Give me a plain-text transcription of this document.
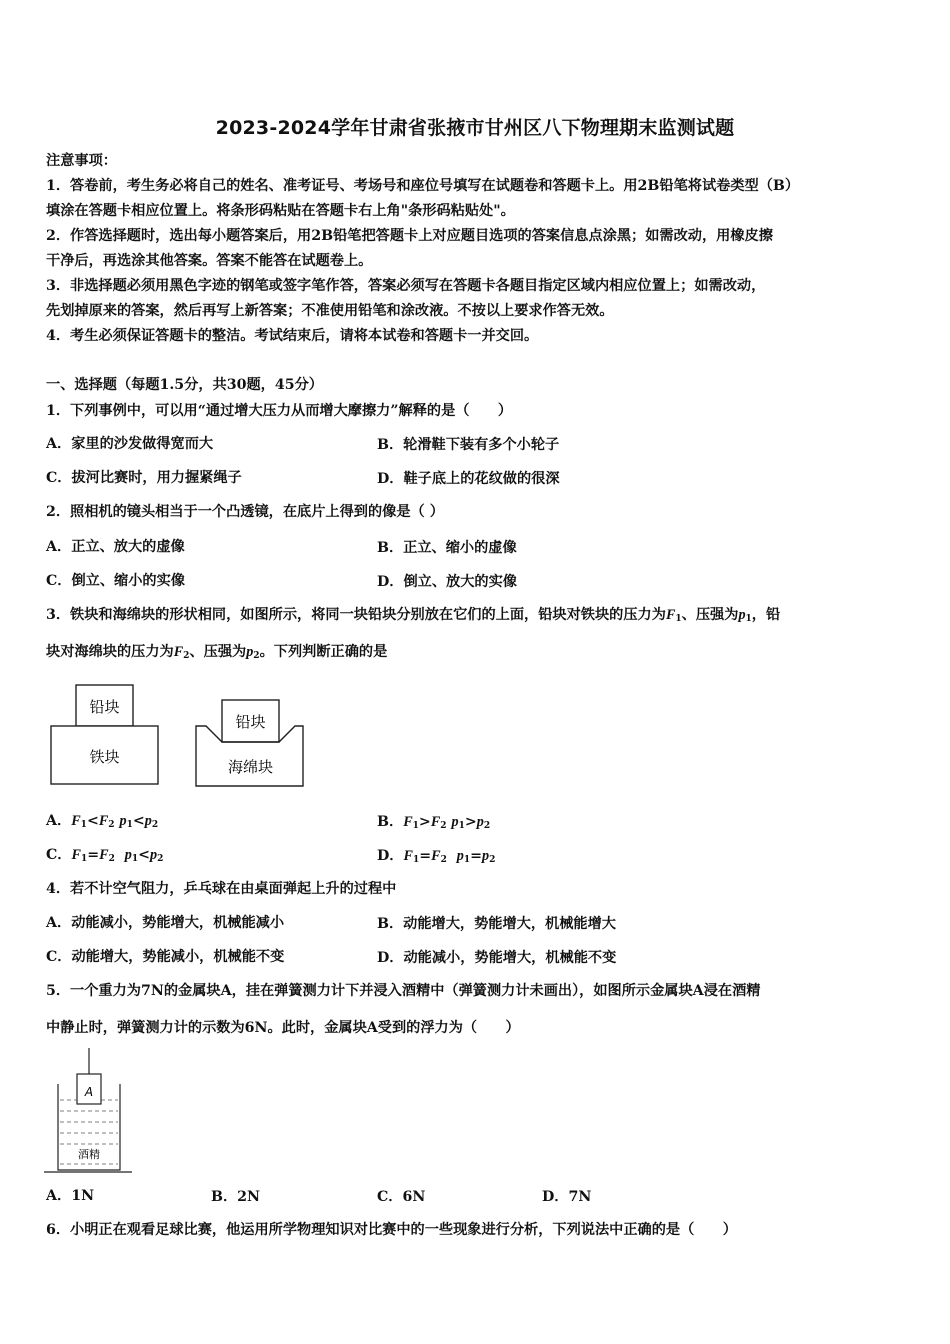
2023-2024学年甘肃省张掖市甘州区八下物理期末监测试题
注意事项：
1．答卷前，考生务必将自己的姓名、准考证号、考场号和座位号填写在试题卷和答题卡上。用2B铅笔将试卷类型（B）
填涂在答题卡相应位置上。将条形码粘贴在答题卡右上角"条形码粘贴处"。
2．作答选择题时，选出每小题答案后，用2B铅笔把答题卡上对应题目选项的答案信息点涂黑；如需改动，用橡皮擦
干净后，再选涂其他答案。答案不能答在试题卷上。
3．非选择题必须用黑色字迹的钢笔或签字笔作答，答案必须写在答题卡各题目指定区域内相应位置上；如需改动，
先划掉原来的答案，然后再写上新答案；不准使用铅笔和涂改液。不按以上要求作答无效。
4．考生必须保证答题卡的整洁。考试结束后，请将本试卷和答题卡一并交回。
一、选择题（每题1.5分，共30题，45分）
1．下列事例中，可以用“通过增大压力从而增大摩擦力”解释的是（　　）
A．家里的沙发做得宽而大	B．轮滑鞋下装有多个小轮子
C．拔河比赛时，用力握紧绳子	D．鞋子底上的花纹做的很深
2．照相机的镜头相当于一个凸透镜，在底片上得到的像是（ ）
A．正立、放大的虚像	B．正立、缩小的虚像
C．倒立、缩小的实像	D．倒立、放大的实像
3．铁块和海绵块的形状相同，如图所示，将同一块铅块分别放在它们的上面，铅块对铁块的压力为$F_1$、压强为$p_1$，铅
块对海绵块的压力为$F_2$、压强为$p_2$。下列判断正确的是
铅块
铁块
铅块
海绵块
A．$F_1<F_2$ $p_1<p_2$	B．$F_1>F_2$ $p_1>p_2$
C．$F_1=F_2$ $p_1<p_2$	D．$F_1=F_2$ $p_1=p_2$
4．若不计空气阻力，乒乓球在由桌面弹起上升的过程中
A．动能减小，势能增大，机械能减小	B．动能增大，势能增大，机械能增大
C．动能增大，势能减小，机械能不变	D．动能减小，势能增大，机械能不变
5．一个重力为7N的金属块A，挂在弹簧测力计下并浸入酒精中（弹簧测力计未画出），如图所示金属块A浸在酒精
中静止时，弹簧测力计的示数为6N。此时，金属块A受到的浮力为（　　）
A
酒精
A．1N	B．2N	C．6N	D．7N
6．小明正在观看足球比赛，他运用所学物理知识对比赛中的一些现象进行分析，下列说法中正确的是（　　）
